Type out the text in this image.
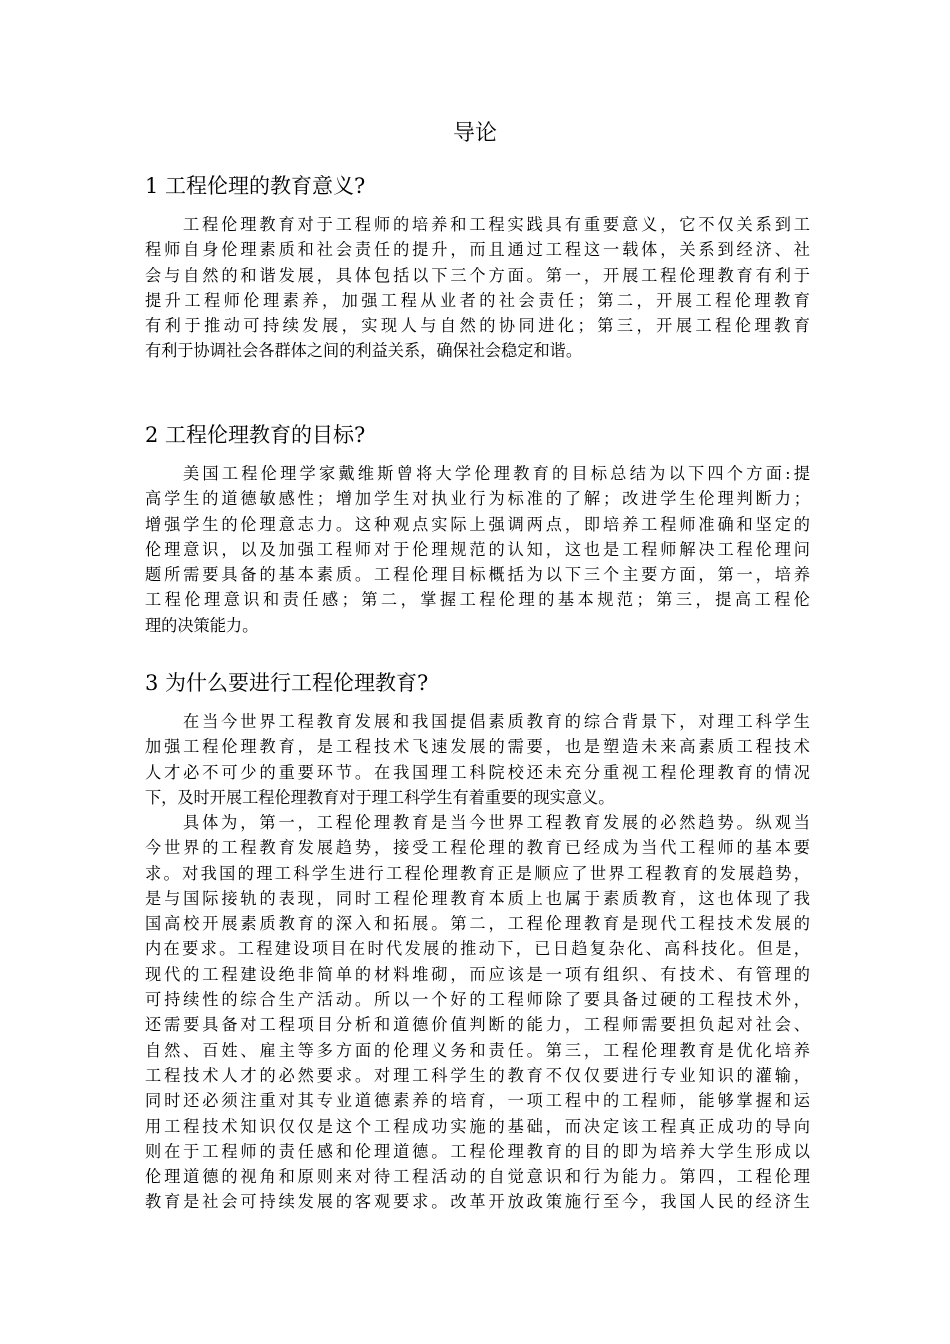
导论
1 工程伦理的教育意义?
工程伦理教育对于工程师的培养和工程实践具有重要意义，它不仅关系到工
程师自身伦理素质和社会责任的提升，而且通过工程这一载体，关系到经济、社
会与自然的和谐发展，具体包括以下三个方面。第一，开展工程伦理教育有利于
提升工程师伦理素养，加强工程从业者的社会责任；第二，开展工程伦理教育
有利于推动可持续发展，实现人与自然的协同进化；第三，开展工程伦理教育
有利于协调社会各群体之间的利益关系，确保社会稳定和谐。
2 工程伦理教育的目标?
美国工程伦理学家戴维斯曾将大学伦理教育的目标总结为以下四个方面:提
高学生的道德敏感性；增加学生对执业行为标准的了解；改进学生伦理判断力；
增强学生的伦理意志力。这种观点实际上强调两点，即培养工程师准确和坚定的
伦理意识，以及加强工程师对于伦理规范的认知，这也是工程师解决工程伦理问
题所需要具备的基本素质。工程伦理目标概括为以下三个主要方面，第一，培养
工程伦理意识和责任感；第二，掌握工程伦理的基本规范；第三，提高工程伦
理的决策能力。
3 为什么要进行工程伦理教育?
在当今世界工程教育发展和我国提倡素质教育的综合背景下，对理工科学生
加强工程伦理教育，是工程技术飞速发展的需要，也是塑造未来高素质工程技术
人才必不可少的重要环节。在我国理工科院校还未充分重视工程伦理教育的情况
下，及时开展工程伦理教育对于理工科学生有着重要的现实意义。
具体为，第一，工程伦理教育是当今世界工程教育发展的必然趋势。纵观当
今世界的工程教育发展趋势，接受工程伦理的教育已经成为当代工程师的基本要
求。对我国的理工科学生进行工程伦理教育正是顺应了世界工程教育的发展趋势，
是与国际接轨的表现，同时工程伦理教育本质上也属于素质教育，这也体现了我
国高校开展素质教育的深入和拓展。第二，工程伦理教育是现代工程技术发展的
内在要求。工程建设项目在时代发展的推动下，已日趋复杂化、高科技化。但是，
现代的工程建设绝非简单的材料堆砌，而应该是一项有组织、有技术、有管理的
可持续性的综合生产活动。所以一个好的工程师除了要具备过硬的工程技术外，
还需要具备对工程项目分析和道德价值判断的能力，工程师需要担负起对社会、
自然、百姓、雇主等多方面的伦理义务和责任。第三，工程伦理教育是优化培养
工程技术人才的必然要求。对理工科学生的教育不仅仅要进行专业知识的灌输，
同时还必须注重对其专业道德素养的培育，一项工程中的工程师，能够掌握和运
用工程技术知识仅仅是这个工程成功实施的基础，而决定该工程真正成功的导向
则在于工程师的责任感和伦理道德。工程伦理教育的目的即为培养大学生形成以
伦理道德的视角和原则来对待工程活动的自觉意识和行为能力。第四，工程伦理
教育是社会可持续发展的客观要求。改革开放政策施行至今，我国人民的经济生
